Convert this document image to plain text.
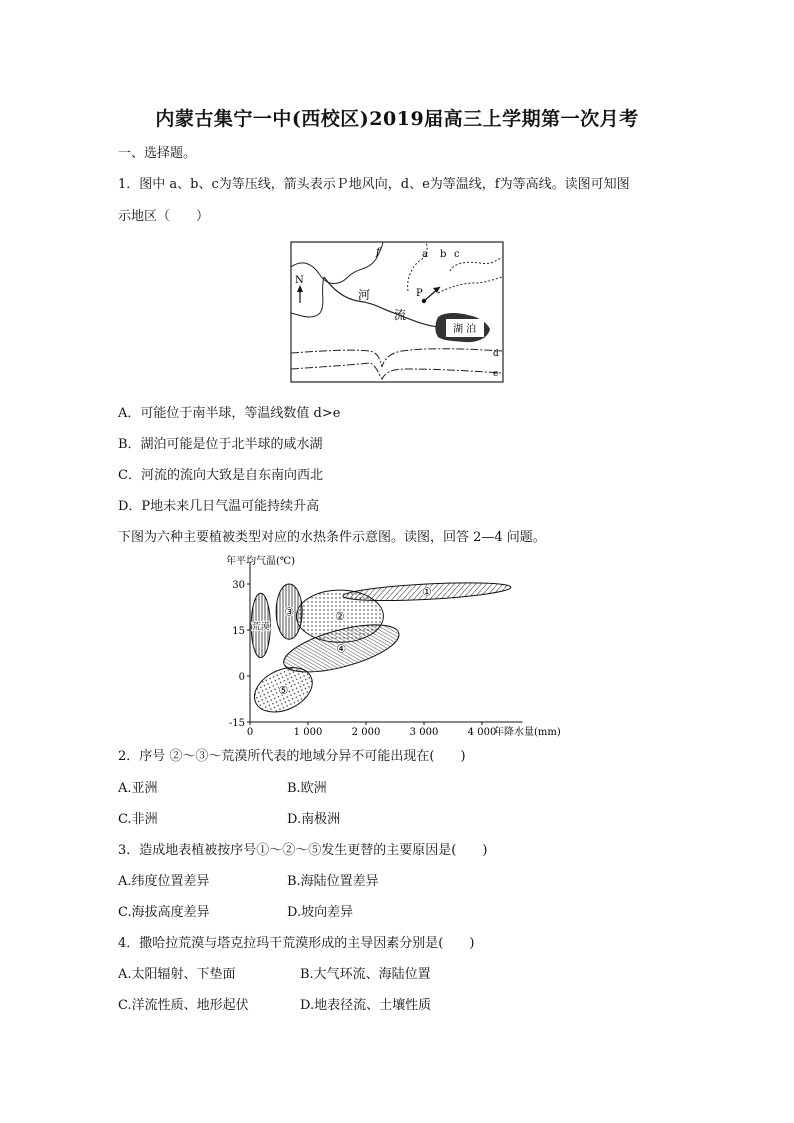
内蒙古集宁一中(西校区)2019届高三上学期第一次月考
一、选择题。
1．图中 a、b、c为等压线，箭头表示Ｐ地风向，d、e为等温线，f为等高线。读图可知图
示地区（　　）
N
f	a b c
P
河
流
湖 泊
d
e
A．可能位于南半球，等温线数值 d>e
B．湖泊可能是位于北半球的咸水湖
C．河流的流向大致是自东南向西北
D．P地未来几日气温可能持续升高
下图为六种主要植被类型对应的水热条件示意图。读图，回答 2—4 问题。
年平均气温(℃)
年降水量(mm)
30
15
0
-15
0	1 000	2 000	3 000	4 000
①
②
③
④
⑤
荒漠
2．序号 ②～③～荒漠所代表的地域分异不可能出现在(　　)
A.亚洲	B.欧洲
C.非洲	D.南极洲
3．造成地表植被按序号①～②～⑤发生更替的主要原因是(　　)
A.纬度位置差异	B.海陆位置差异
C.海拔高度差异	D.坡向差异
4．撒哈拉荒漠与塔克拉玛干荒漠形成的主导因素分别是(　　)
A.太阳辐射、下垫面	B.大气环流、海陆位置
C.洋流性质、地形起伏	D.地表径流、土壤性质
